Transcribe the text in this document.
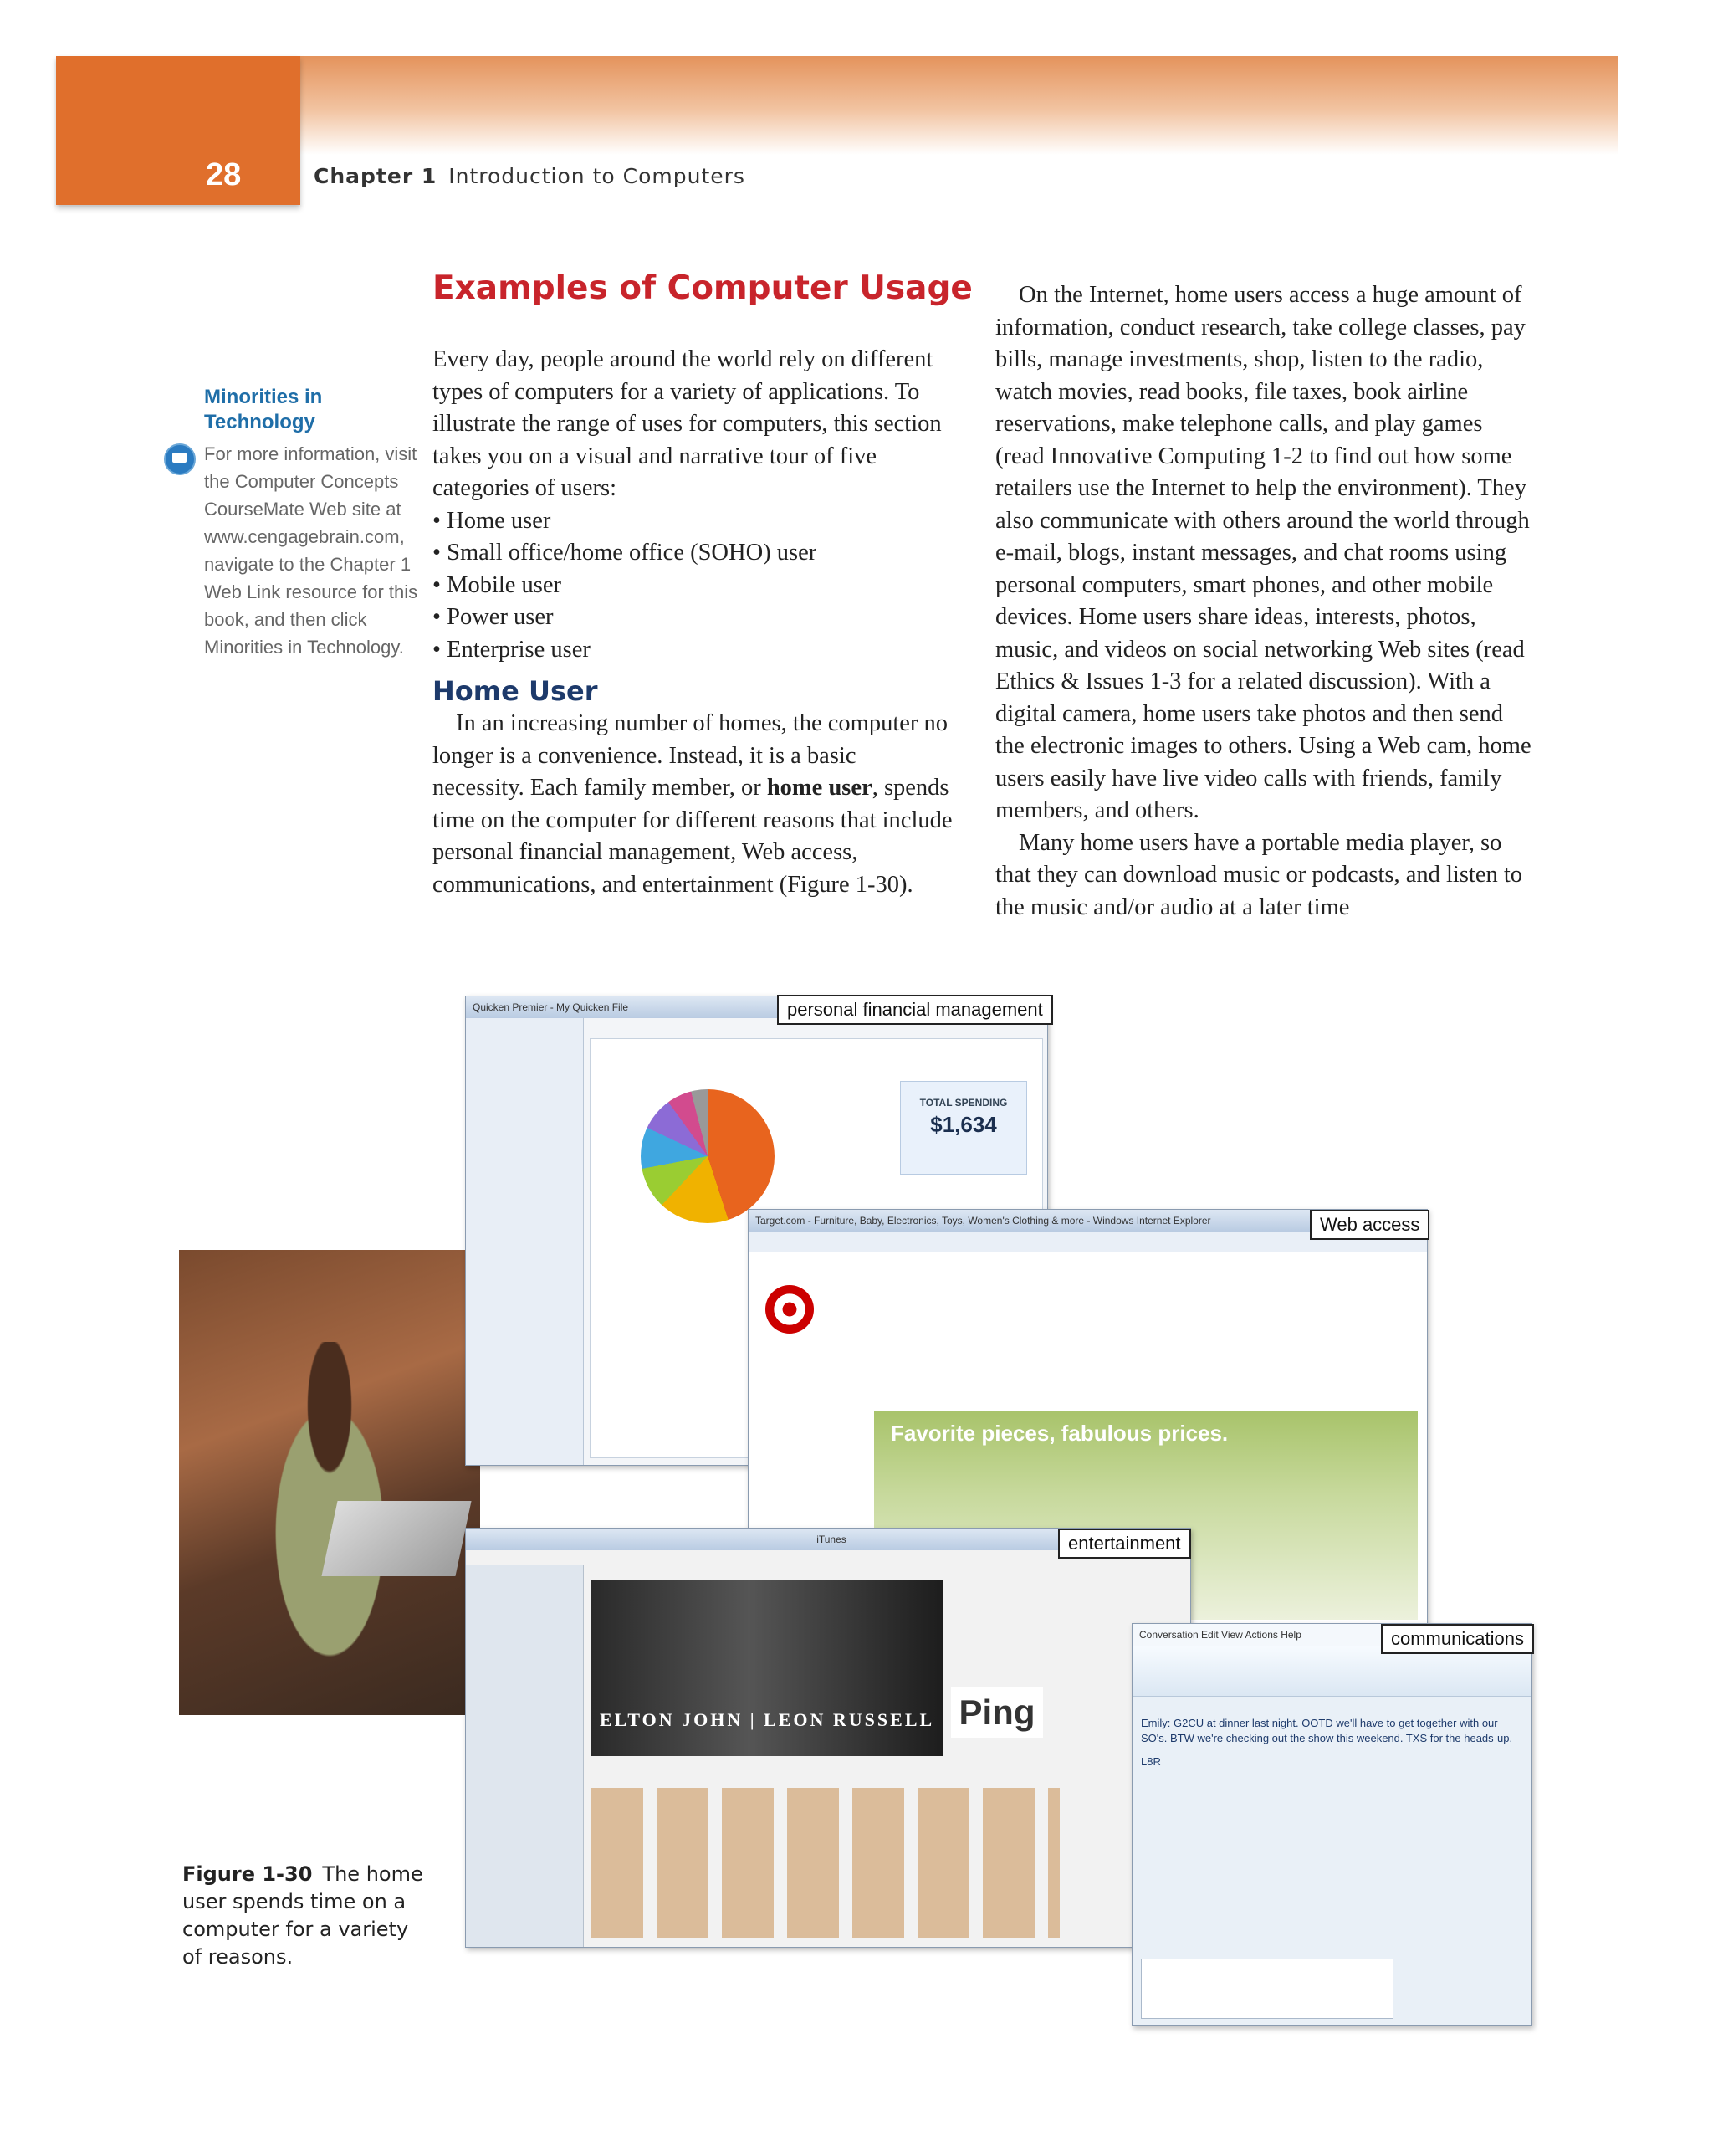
28	Chapter 1 Introduction to Computers
Minorities in Technology
For more information, visit the Computer Concepts CourseMate Web site at www.cengagebrain.com, navigate to the Chapter 1 Web Link resource for this book, and then click Minorities in Technology.
Examples of Computer Usage

Every day, people around the world rely on different types of computers for a variety of applications. To illustrate the range of uses for computers, this section takes you on a visual and narrative tour of five categories of users:

• Home user
• Small office/home office (SOHO) user
• Mobile user
• Power user
• Enterprise user
Home User

In an increasing number of homes, the computer no longer is a convenience. Instead, it is a basic necessity. Each family member, or home user, spends time on the computer for different reasons that include personal financial management, Web access, communications, and entertainment (Figure 1-30).

On the Internet, home users access a huge amount of information, conduct research, take college classes, pay bills, manage investments, shop, listen to the radio, watch movies, read books, file taxes, book airline reservations, make telephone calls, and play games (read Innovative Computing 1-2 to find out how some retailers use the Internet to help the environment). They also communicate with others around the world through e-mail, blogs, instant messages, and chat rooms using personal computers, smart phones, and other mobile devices. Home users share ideas, interests, photos, music, and videos on social networking Web sites (read Ethics & Issues 1-3 for a related discussion). With a digital camera, home users take photos and then send the electronic images to others. Using a Web cam, home users easily have live video calls with friends, family members, and others.

Many home users have a portable media player, so that they can download music or podcasts, and listen to the music and/or audio at a later time

Quicken Premier - My Quicken File
TOTAL SPENDING
$1,634
Target.com - Furniture, Baby, Electronics, Toys, Women's Clothing & more - Windows Internet Explorer
Favorite pieces, fabulous prices.
iTunes
ELTON JOHN | LEON RUSSELL Ping
Conversation Edit View Actions Help
Emily: G2CU at dinner last night. OOTD we'll have to get together with our SO's. BTW we're checking out the show this weekend. TXS for the heads-up.
L8R
personal financial management
Web access
entertainment
communications
Figure 1-30 The home user spends time on a computer for a variety of reasons.
